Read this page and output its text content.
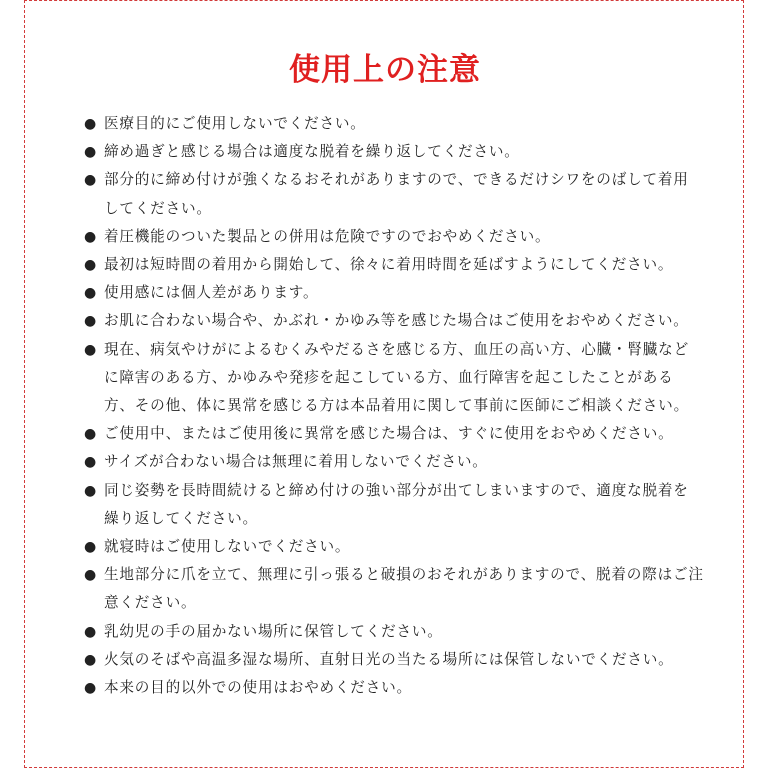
使用上の注意
● 医療目的にご使用しないでください。
● 締め過ぎと感じる場合は適度な脱着を繰り返してください。
● 部分的に締め付けが強くなるおそれがありますので、できるだけシワをのばして着用してください。
● 着圧機能のついた製品との併用は危険ですのでおやめください。
● 最初は短時間の着用から開始して、徐々に着用時間を延ばすようにしてください。
● 使用感には個人差があります。
● お肌に合わない場合や、かぶれ・かゆみ等を感じた場合はご使用をおやめください。
● 現在、病気やけがによるむくみやだるさを感じる方、血圧の高い方、心臓・腎臓などに障害のある方、かゆみや発疹を起こしている方、血行障害を起こしたことがある方、その他、体に異常を感じる方は本品着用に関して事前に医師にご相談ください。
● ご使用中、またはご使用後に異常を感じた場合は、すぐに使用をおやめください。
● サイズが合わない場合は無理に着用しないでください。
● 同じ姿勢を長時間続けると締め付けの強い部分が出てしまいますので、適度な脱着を繰り返してください。
● 就寝時はご使用しないでください。
● 生地部分に爪を立て、無理に引っ張ると破損のおそれがありますので、脱着の際はご注意ください。
● 乳幼児の手の届かない場所に保管してください。
● 火気のそばや高温多湿な場所、直射日光の当たる場所には保管しないでください。
● 本来の目的以外での使用はおやめください。
